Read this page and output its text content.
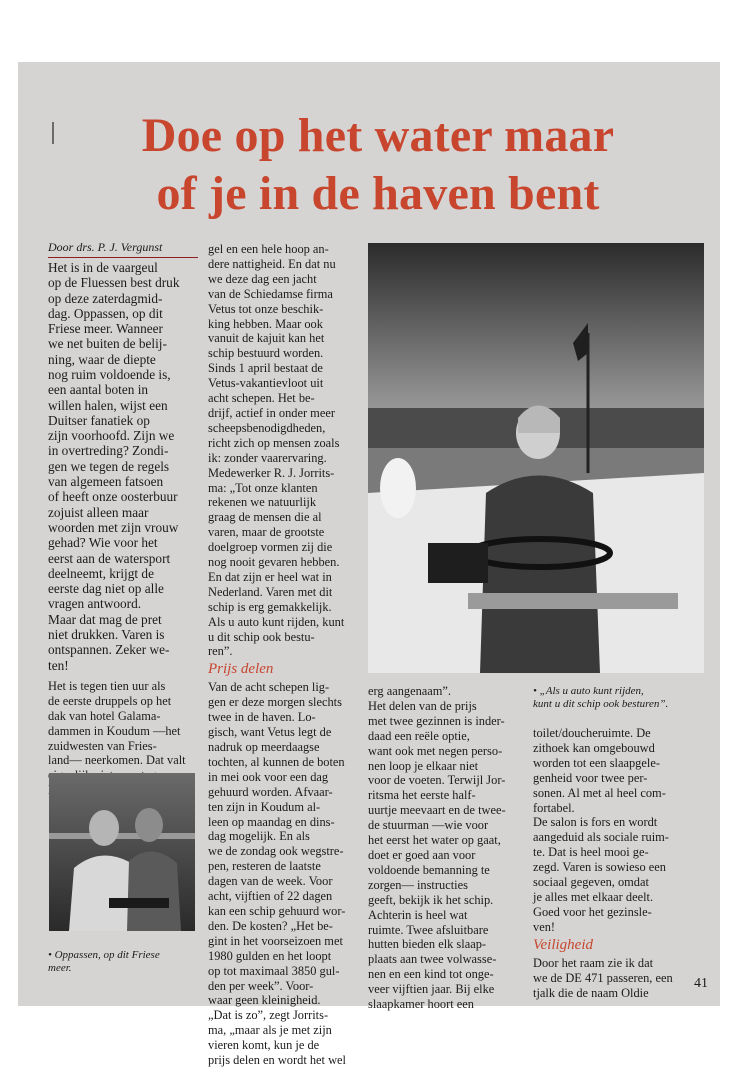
Doe op het water maar
of je in de haven bent

Door drs. P. J. Vergunst

Het is in de vaargeul
op de Fluessen best druk
op deze zaterdagmid-
dag. Oppassen, op dit
Friese meer. Wanneer
we net buiten de belij-
ning, waar de diepte
nog ruim voldoende is,
een aantal boten in
willen halen, wijst een
Duitser fanatiek op
zijn voorhoofd. Zijn we
in overtreding? Zondi-
gen we tegen de regels
van algemeen fatsoen
of heeft onze oosterbuur
zojuist alleen maar
woorden met zijn vrouw
gehad? Wie voor het
eerst aan de watersport
deelneemt, krijgt de
eerste dag niet op alle
vragen antwoord.
Maar dat mag de pret
niet drukken. Varen is
ontspannen. Zeker we-
ten!

Het is tegen tien uur als
de eerste druppels op het
dak van hotel Galama-
dammen in Koudum —het
zuidwesten van Fries-
land— neerkomen. Dat valt

• Oppassen, op dit Friese
meer.

gel en een hele hoop an-
dere nattigheid. En dat nu
we deze dag een jacht
van de Schiedamse firma
Vetus tot onze beschik-
king hebben. Maar ook
vanuit de kajuit kan het
schip bestuurd worden.
Sinds 1 april bestaat de
Vetus-vakantievloot uit
acht schepen. Het be-
drijf, actief in onder meer
scheepsbenodigdheden,
richt zich op mensen zoals
ik: zonder vaarervaring.
Medewerker R. J. Jorrits-
ma: „Tot onze klanten
rekenen we natuurlijk
graag de mensen die al
varen, maar de grootste
doelgroep vormen zij die
nog nooit gevaren hebben.
En dat zijn er heel wat in
Nederland. Varen met dit
schip is erg gemakkelijk.
Als u auto kunt rijden, kunt
u dit schip ook bestu-
ren”.

Prijs delen

Van de acht schepen lig-
gen er deze morgen slechts
twee in de haven. Lo-
gisch, want Vetus legt de
nadruk op meerdaagse
tochten, al kunnen de boten
in mei ook voor een dag
gehuurd worden. Afvaar-
ten zijn in Koudum al-
leen op maandag en dins-
dag mogelijk. En als
we de zondag ook wegstre-
pen, resteren de laatste
dagen van de week. Voor
acht, vijftien of 22 dagen
kan een schip gehuurd wor-
den. De kosten? „Het be-
gint in het voorseizoen met
1980 gulden en het loopt
op tot maximaal 3850 gul-
den per week”. Voor-
waar geen kleinigheid.
„Dat is zo”, zegt Jorrits-
ma, „maar als je met zijn
vieren komt, kun je de
prijs delen en wordt het wel

erg aangenaam”.
Het delen van de prijs
met twee gezinnen is inder-
daad een reële optie,
want ook met negen perso-
nen loop je elkaar niet
voor de voeten. Terwijl Jor-
ritsma het eerste half-
uurtje meevaart en de twee-
de stuurman —wie voor
het eerst het water op gaat,
doet er goed aan voor
voldoende bemanning te
zorgen— instructies
geeft, bekijk ik het schip.
Achterin is heel wat
ruimte. Twee afsluitbare
hutten bieden elk slaap-
plaats aan twee volwasse-
nen en een kind tot onge-
veer vijftien jaar. Bij elke
slaapkamer hoort een

• „Als u auto kunt rijden,
kunt u dit schip ook besturen”.

toilet/doucheruimte. De
zithoek kan omgebouwd
worden tot een slaapgele-
genheid voor twee per-
sonen. Al met al heel com-
fortabel.
De salon is fors en wordt
aangeduid als sociale ruim-
te. Dat is heel mooi ge-
zegd. Varen is sowieso een
sociaal gegeven, omdat
je alles met elkaar deelt.
Goed voor het gezinsle-
ven!

Veiligheid

Door het raam zie ik dat
we de DE 471 passeren, een
tjalk die de naam Oldie

41
